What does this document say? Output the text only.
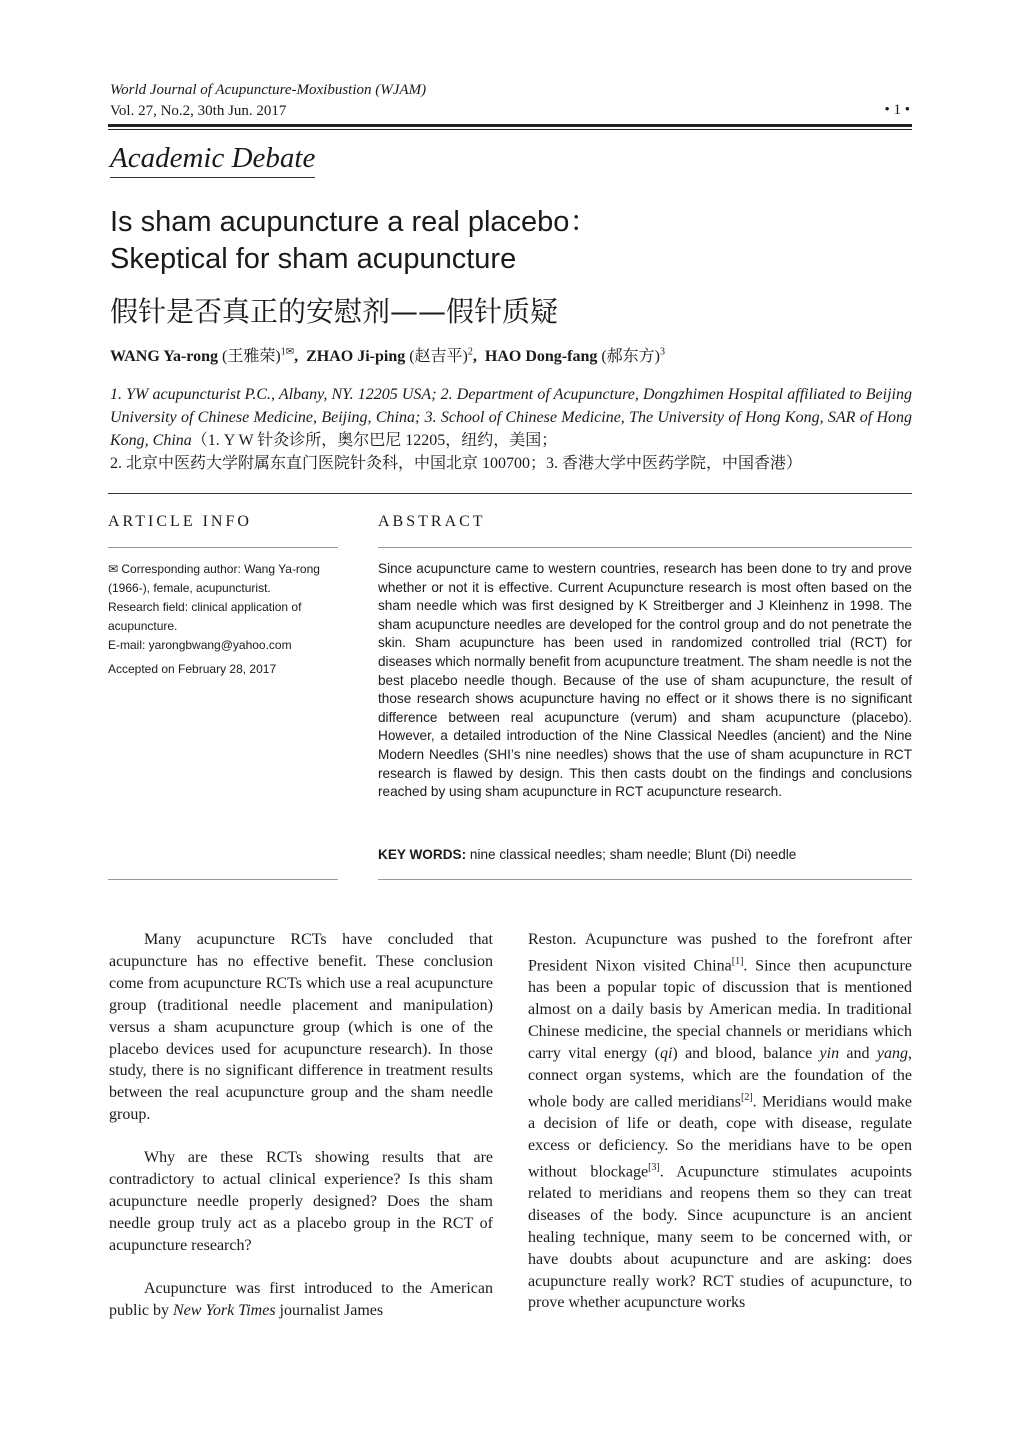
World Journal of Acupuncture-Moxibustion (WJAM)
Vol. 27, No.2, 30th Jun. 2017	• 1 •
Academic Debate
Is sham acupuncture a real placebo：
Skeptical for sham acupuncture
假针是否真正的安慰剂——假针质疑
WANG Ya-rong (王雅荣)$^{1✉}$,  ZHAO Ji-ping (赵吉平)$^2$,  HAO Dong-fang (郝东方)$^3$
1. YW acupuncturist P.C., Albany, NY. 12205 USA; 2. Department of Acupuncture, Dongzhimen Hospital affiliated to Beijing University of Chinese Medicine, Beijing, China; 3. School of Chinese Medicine, The University of Hong Kong, SAR of Hong Kong, China（1. Y W 针灸诊所，奥尔巴尼 12205，纽约，美国；
2. 北京中医药大学附属东直门医院针灸科，中国北京 100700；3. 香港大学中医药学院，中国香港）
ARTICLE INFO	ABSTRACT

✉ Corresponding author: Wang Ya-rong (1966-), female, acupuncturist.

Research field: clinical application of acupuncture.

E-mail: yarongbwang@yahoo.com

Accepted on February 28, 2017

Since acupuncture came to western countries, research has been done to try and prove whether or not it is effective. Current Acupuncture research is most often based on the sham needle which was first designed by K Streitberger and J Kleinhenz in 1998. The sham acupuncture needles are developed for the control group and do not penetrate the skin. Sham acupuncture has been used in randomized controlled trial (RCT) for diseases which normally benefit from acupuncture treatment. The sham needle is not the best placebo needle though. Because of the use of sham acupuncture, the result of those research shows acupuncture having no effect or it shows there is no significant difference between real acupuncture (verum) and sham acupuncture (placebo). However, a detailed introduction of the Nine Classical Needles (ancient) and the Nine Modern Needles (SHI’s nine needles) shows that the use of sham acupuncture in RCT research is flawed by design. This then casts doubt on the findings and conclusions reached by using sham acupuncture in RCT acupuncture research.

KEY WORDS: nine classical needles; sham needle; Blunt (Di) needle

Many acupuncture RCTs have concluded that acupuncture has no effective benefit. These conclusion come from acupuncture RCTs which use a real acupuncture group (traditional needle placement and manipulation) versus a sham acupuncture group (which is one of the placebo devices used for acupuncture research). In those study, there is no significant difference in treatment results between the real acupuncture group and the sham needle group.

Why are these RCTs showing results that are contradictory to actual clinical experience? Is this sham acupuncture needle properly designed? Does the sham needle group truly act as a placebo group in the RCT of acupuncture research?

Acupuncture was first introduced to the American public by New York Times journalist James

Reston. Acupuncture was pushed to the forefront after President Nixon visited China[1]. Since then acupuncture has been a popular topic of discussion that is mentioned almost on a daily basis by American media. In traditional Chinese medicine, the special channels or meridians which carry vital energy (qi) and blood, balance yin and yang, connect organ systems, which are the foundation of the whole body are called meridians[2]. Meridians would make a decision of life or death, cope with disease, regulate excess or deficiency. So the meridians have to be open without blockage[3]. Acupuncture stimulates acupoints related to meridians and reopens them so they can treat diseases of the body. Since acupuncture is an ancient healing technique, many seem to be concerned with, or have doubts about acupuncture and are asking: does acupuncture really work? RCT studies of acupuncture, to prove whether acupuncture works
